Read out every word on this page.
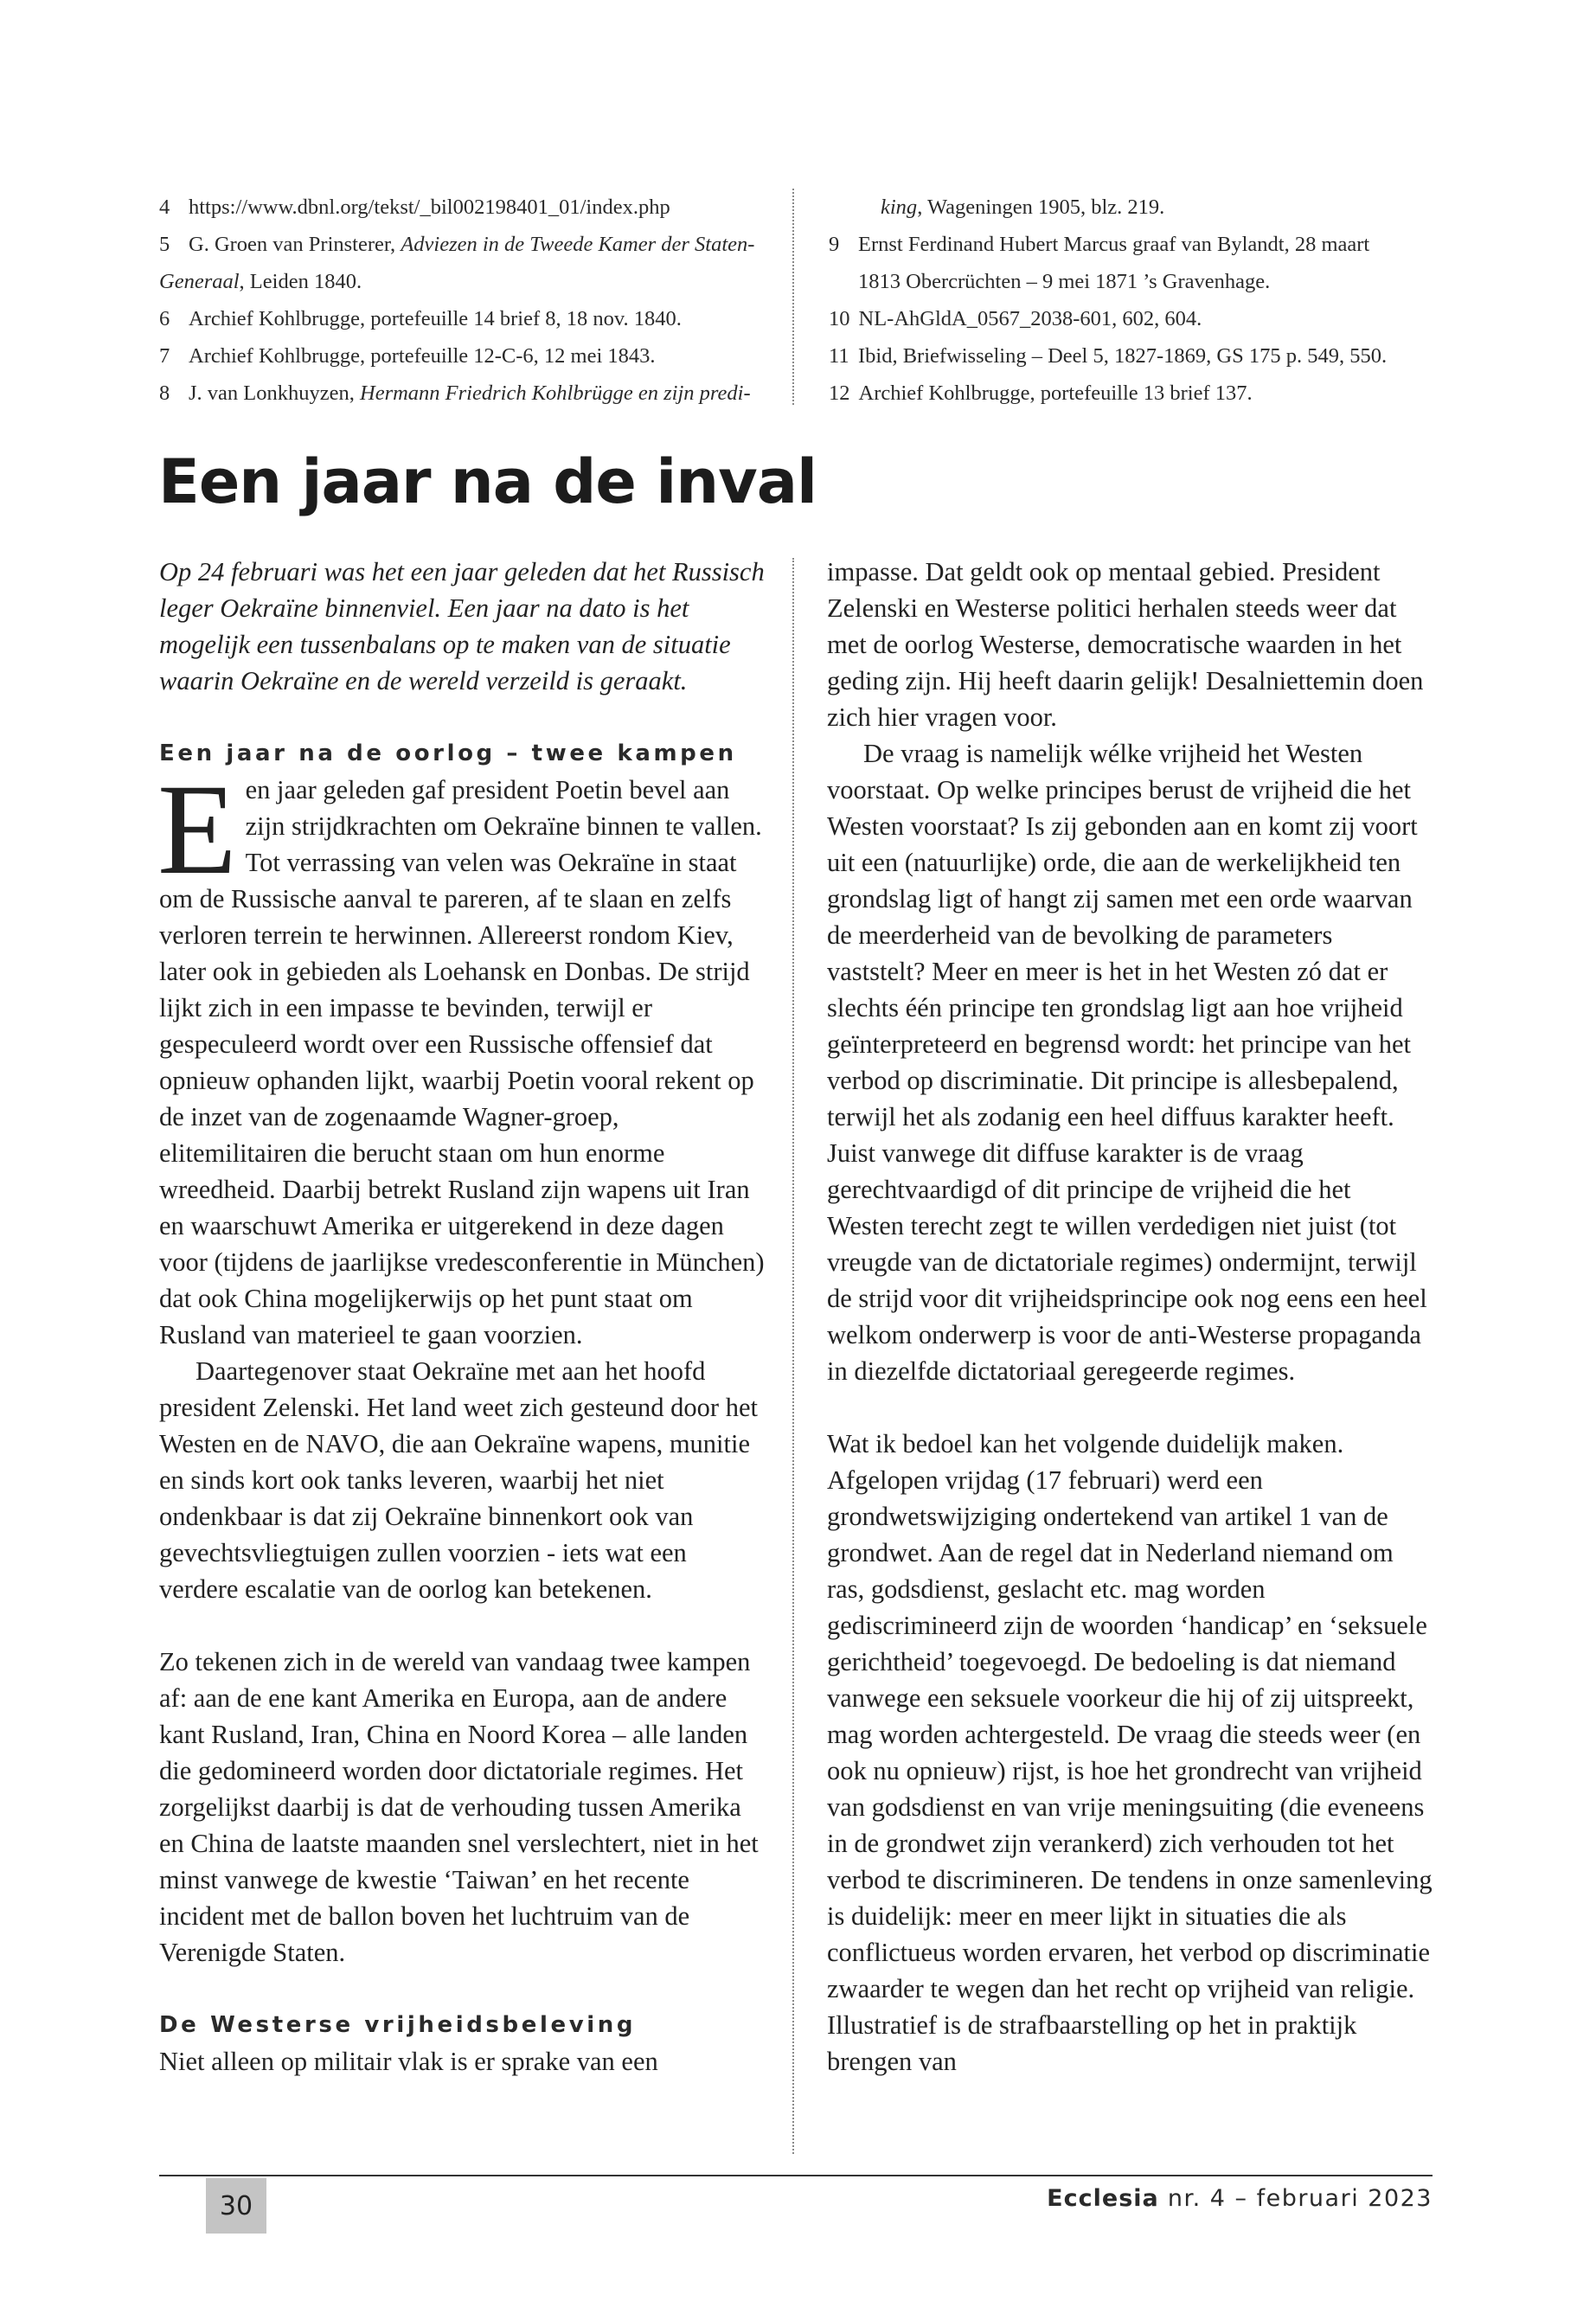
4 https://www.dbnl.org/tekst/_bil002198401_01/index.php
5 G. Groen van Prinsterer, Adviezen in de Tweede Kamer der Staten-
Generaal, Leiden 1840.
6 Archief Kohlbrugge, portefeuille 14 brief 8, 18 nov. 1840.
7 Archief Kohlbrugge, portefeuille 12-C-6, 12 mei 1843.
8 J. van Lonkhuyzen, Hermann Friedrich Kohlbrügge en zijn predi-
king, Wageningen 1905, blz. 219.
9 Ernst Ferdinand Hubert Marcus graaf van Bylandt, 28 maart
1813 Obercrüchten – 9 mei 1871 ’s Gravenhage.
10 NL-AhGldA_0567_2038-601, 602, 604.
11 Ibid, Briefwisseling – Deel 5, 1827-1869, GS 175 p. 549, 550.
12 Archief Kohlbrugge, portefeuille 13 brief 137.
Een jaar na de inval

Op 24 februari was het een jaar geleden dat het Russisch leger Oekraïne binnenviel. Een jaar na dato is het mogelijk een tussenbalans op te maken van de situatie waarin Oekraïne en de wereld verzeild is geraakt.

Een jaar na de oorlog – twee kampen

Een jaar geleden gaf president Poetin bevel aan zijn strijdkrachten om Oekraïne binnen te vallen. Tot verrassing van velen was Oekraïne in staat om de Russische aanval te pareren, af te slaan en zelfs verloren terrein te herwinnen. Allereerst rondom Kiev, later ook in gebieden als Loehansk en Donbas. De strijd lijkt zich in een impasse te bevinden, terwijl er gespeculeerd wordt over een Russische offensief dat opnieuw ophanden lijkt, waarbij Poetin vooral rekent op de inzet van de zogenaamde Wagner-groep, elitemilitairen die berucht staan om hun enorme wreedheid. Daarbij betrekt Rusland zijn wapens uit Iran en waarschuwt Amerika er uitgerekend in deze dagen voor (tijdens de jaarlijkse vredesconferentie in München) dat ook China mogelijkerwijs op het punt staat om Rusland van materieel te gaan voorzien.

Daartegenover staat Oekraïne met aan het hoofd president Zelenski. Het land weet zich gesteund door het Westen en de NAVO, die aan Oekraïne wapens, munitie en sinds kort ook tanks leveren, waarbij het niet ondenkbaar is dat zij Oekraïne binnenkort ook van gevechtsvliegtuigen zullen voorzien - iets wat een verdere escalatie van de oorlog kan betekenen.

Zo tekenen zich in de wereld van vandaag twee kampen af: aan de ene kant Amerika en Europa, aan de andere kant Rusland, Iran, China en Noord Korea – alle landen die gedomineerd worden door dictatoriale regimes. Het zorgelijkst daarbij is dat de verhouding tussen Amerika en China de laatste maanden snel verslechtert, niet in het minst vanwege de kwestie ‘Taiwan’ en het recente incident met de ballon boven het luchtruim van de Verenigde Staten.

De Westerse vrijheidsbeleving

Niet alleen op militair vlak is er sprake van een

impasse. Dat geldt ook op mentaal gebied. President Zelenski en Westerse politici herhalen steeds weer dat met de oorlog Westerse, democratische waarden in het geding zijn. Hij heeft daarin gelijk! Desalniettemin doen zich hier vragen voor.

De vraag is namelijk wélke vrijheid het Westen voorstaat. Op welke principes berust de vrijheid die het Westen voorstaat? Is zij gebonden aan en komt zij voort uit een (natuurlijke) orde, die aan de werkelijkheid ten grondslag ligt of hangt zij samen met een orde waarvan de meerderheid van de bevolking de parameters vaststelt? Meer en meer is het in het Westen zó dat er slechts één principe ten grondslag ligt aan hoe vrijheid geïnterpreteerd en begrensd wordt: het principe van het verbod op discriminatie. Dit principe is allesbepalend, terwijl het als zodanig een heel diffuus karakter heeft. Juist vanwege dit diffuse karakter is de vraag gerechtvaardigd of dit principe de vrijheid die het Westen terecht zegt te willen verdedigen niet juist (tot vreugde van de dictatoriale regimes) ondermijnt, terwijl de strijd voor dit vrijheidsprincipe ook nog eens een heel welkom onderwerp is voor de anti-Westerse propaganda in diezelfde dictatoriaal geregeerde regimes.

Wat ik bedoel kan het volgende duidelijk maken. Afgelopen vrijdag (17 februari) werd een grondwetswijziging ondertekend van artikel 1 van de grondwet. Aan de regel dat in Nederland niemand om ras, godsdienst, geslacht etc. mag worden gediscrimineerd zijn de woorden ‘handicap’ en ‘seksuele gerichtheid’ toegevoegd. De bedoeling is dat niemand vanwege een seksuele voorkeur die hij of zij uitspreekt, mag worden achtergesteld. De vraag die steeds weer (en ook nu opnieuw) rijst, is hoe het grondrecht van vrijheid van godsdienst en van vrije meningsuiting (die eveneens in de grondwet zijn verankerd) zich verhouden tot het verbod te discrimineren. De tendens in onze samenleving is duidelijk: meer en meer lijkt in situaties die als conflictueus worden ervaren, het verbod op discriminatie zwaarder te wegen dan het recht op vrijheid van religie. Illustratief is de strafbaarstelling op het in praktijk brengen van

30	Ecclesia nr. 4 – februari 2023
